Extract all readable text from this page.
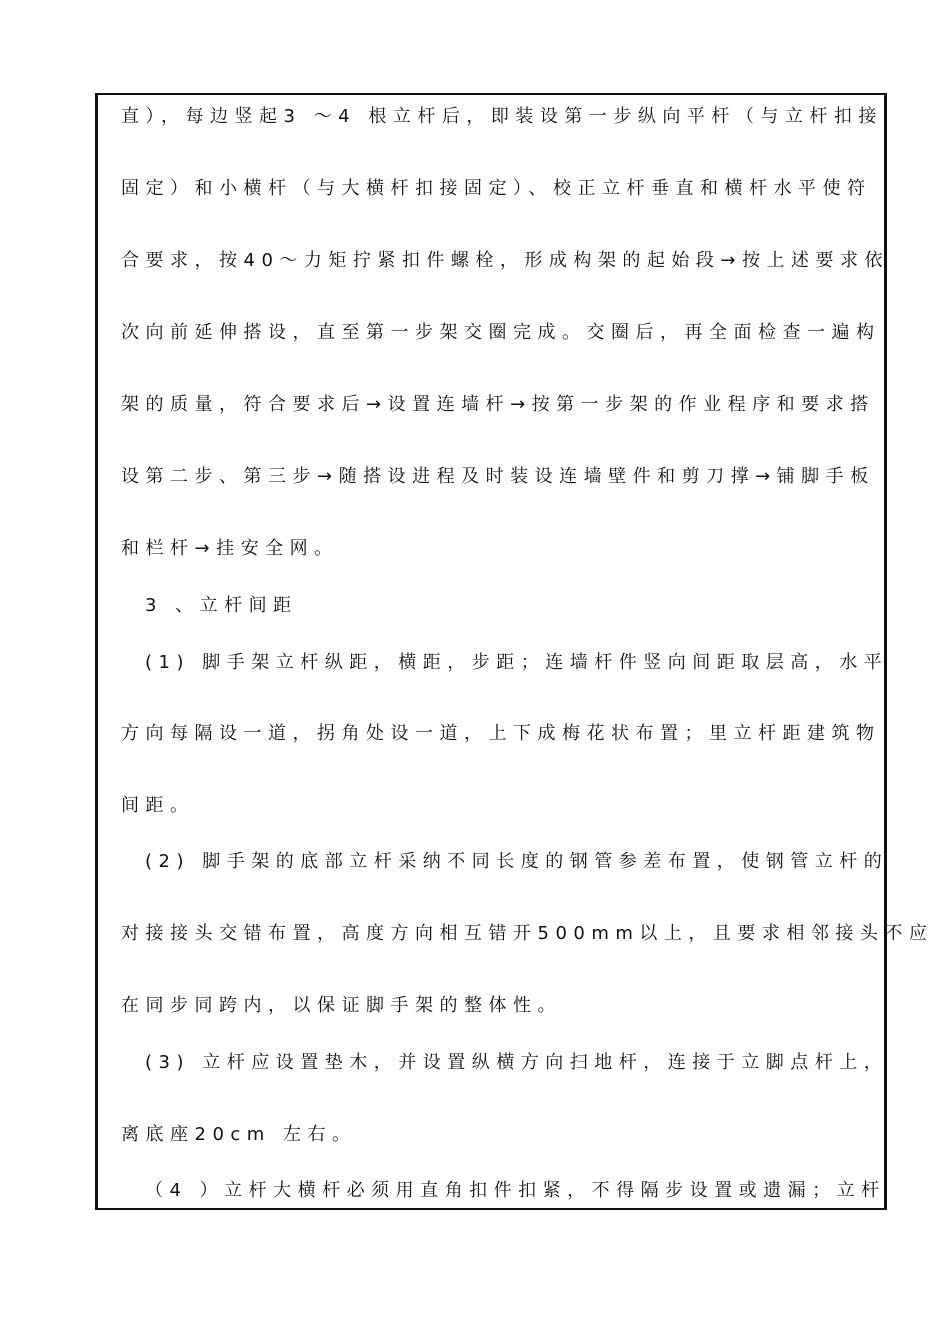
直），每边竖起3 ～4 根立杆后，即装设第一步纵向平杆（与立杆扣接
固定）和小横杆（与大横杆扣接固定）、校正立杆垂直和横杆水平使符
合要求，按40～力矩拧紧扣件螺栓，形成构架的起始段→按上述要求依
次向前延伸搭设，直至第一步架交圈完成。交圈后，再全面检查一遍构
架的质量，符合要求后→设置连墙杆→按第一步架的作业程序和要求搭
设第二步、第三步→随搭设进程及时装设连墙壁件和剪刀撑→铺脚手板
和栏杆→挂安全网。
3 、立杆间距
(1) 脚手架立杆纵距，横距，步距；连墙杆件竖向间距取层高，水平
方向每隔设一道，拐角处设一道，上下成梅花状布置；里立杆距建筑物
间距。
(2) 脚手架的底部立杆采纳不同长度的钢管参差布置，使钢管立杆的
对接接头交错布置，高度方向相互错开500mm以上，且要求相邻接头不应
在同步同跨内，以保证脚手架的整体性。
(3) 立杆应设置垫木，并设置纵横方向扫地杆，连接于立脚点杆上，
离底座20cm 左右。
（4 ）立杆大横杆必须用直角扣件扣紧，不得隔步设置或遗漏；立杆
